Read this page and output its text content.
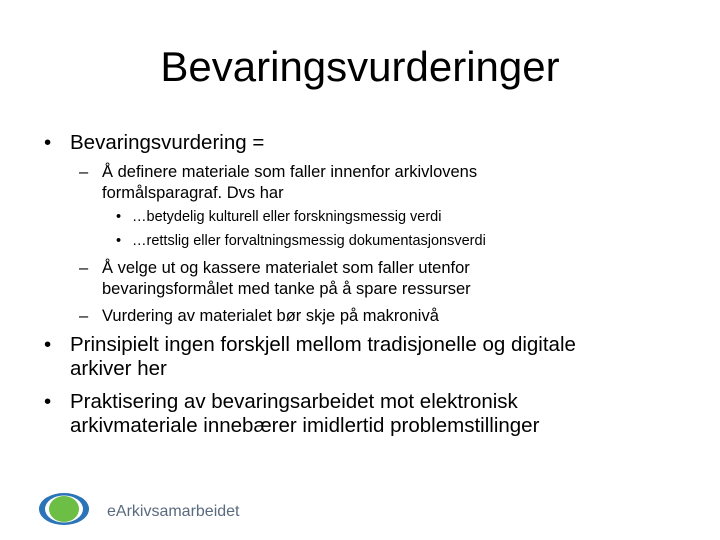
Bevaringsvurderinger
• Bevaringsvurdering =
– Å definere materiale som faller innenfor arkivlovens
formålsparagraf. Dvs har
• …betydelig kulturell eller forskningsmessig verdi
• …rettslig eller forvaltningsmessig dokumentasjonsverdi
– Å velge ut og kassere materialet som faller utenfor
bevaringsformålet med tanke på å spare ressurser
– Vurdering av materialet bør skje på makronivå
• Prinsipielt ingen forskjell mellom tradisjonelle og digitale
arkiver her
• Praktisering av bevaringsarbeidet mot elektronisk
arkivmateriale innebærer imidlertid problemstillinger
eArkivsamarbeidet
